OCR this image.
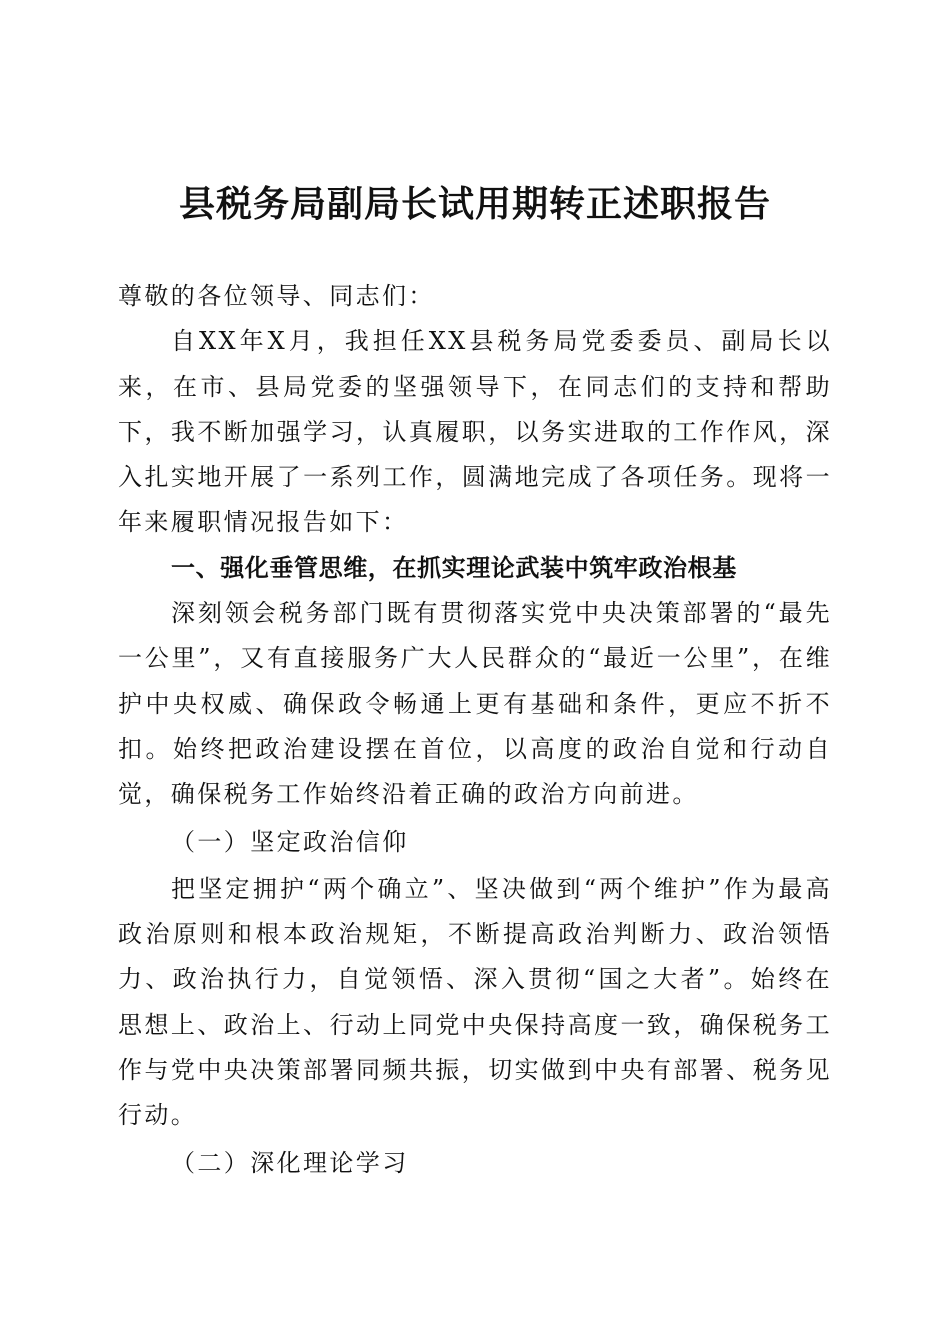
县税务局副局长试用期转正述职报告

尊敬的各位领导、同志们：

自XX年X月，我担任XX县税务局党委委员、副局长以来，在市、县局党委的坚强领导下，在同志们的支持和帮助下，我不断加强学习，认真履职，以务实进取的工作作风，深入扎实地开展了一系列工作，圆满地完成了各项任务。现将一年来履职情况报告如下：

一、强化垂管思维，在抓实理论武装中筑牢政治根基

深刻领会税务部门既有贯彻落实党中央决策部署的“最先一公里”，又有直接服务广大人民群众的“最近一公里”，在维护中央权威、确保政令畅通上更有基础和条件，更应不折不扣。始终把政治建设摆在首位，以高度的政治自觉和行动自觉，确保税务工作始终沿着正确的政治方向前进。

（一）坚定政治信仰

把坚定拥护“两个确立”、坚决做到“两个维护”作为最高政治原则和根本政治规矩，不断提高政治判断力、政治领悟力、政治执行力，自觉领悟、深入贯彻“国之大者”。始终在思想上、政治上、行动上同党中央保持高度一致，确保税务工作与党中央决策部署同频共振，切实做到中央有部署、税务见行动。

（二）深化理论学习
